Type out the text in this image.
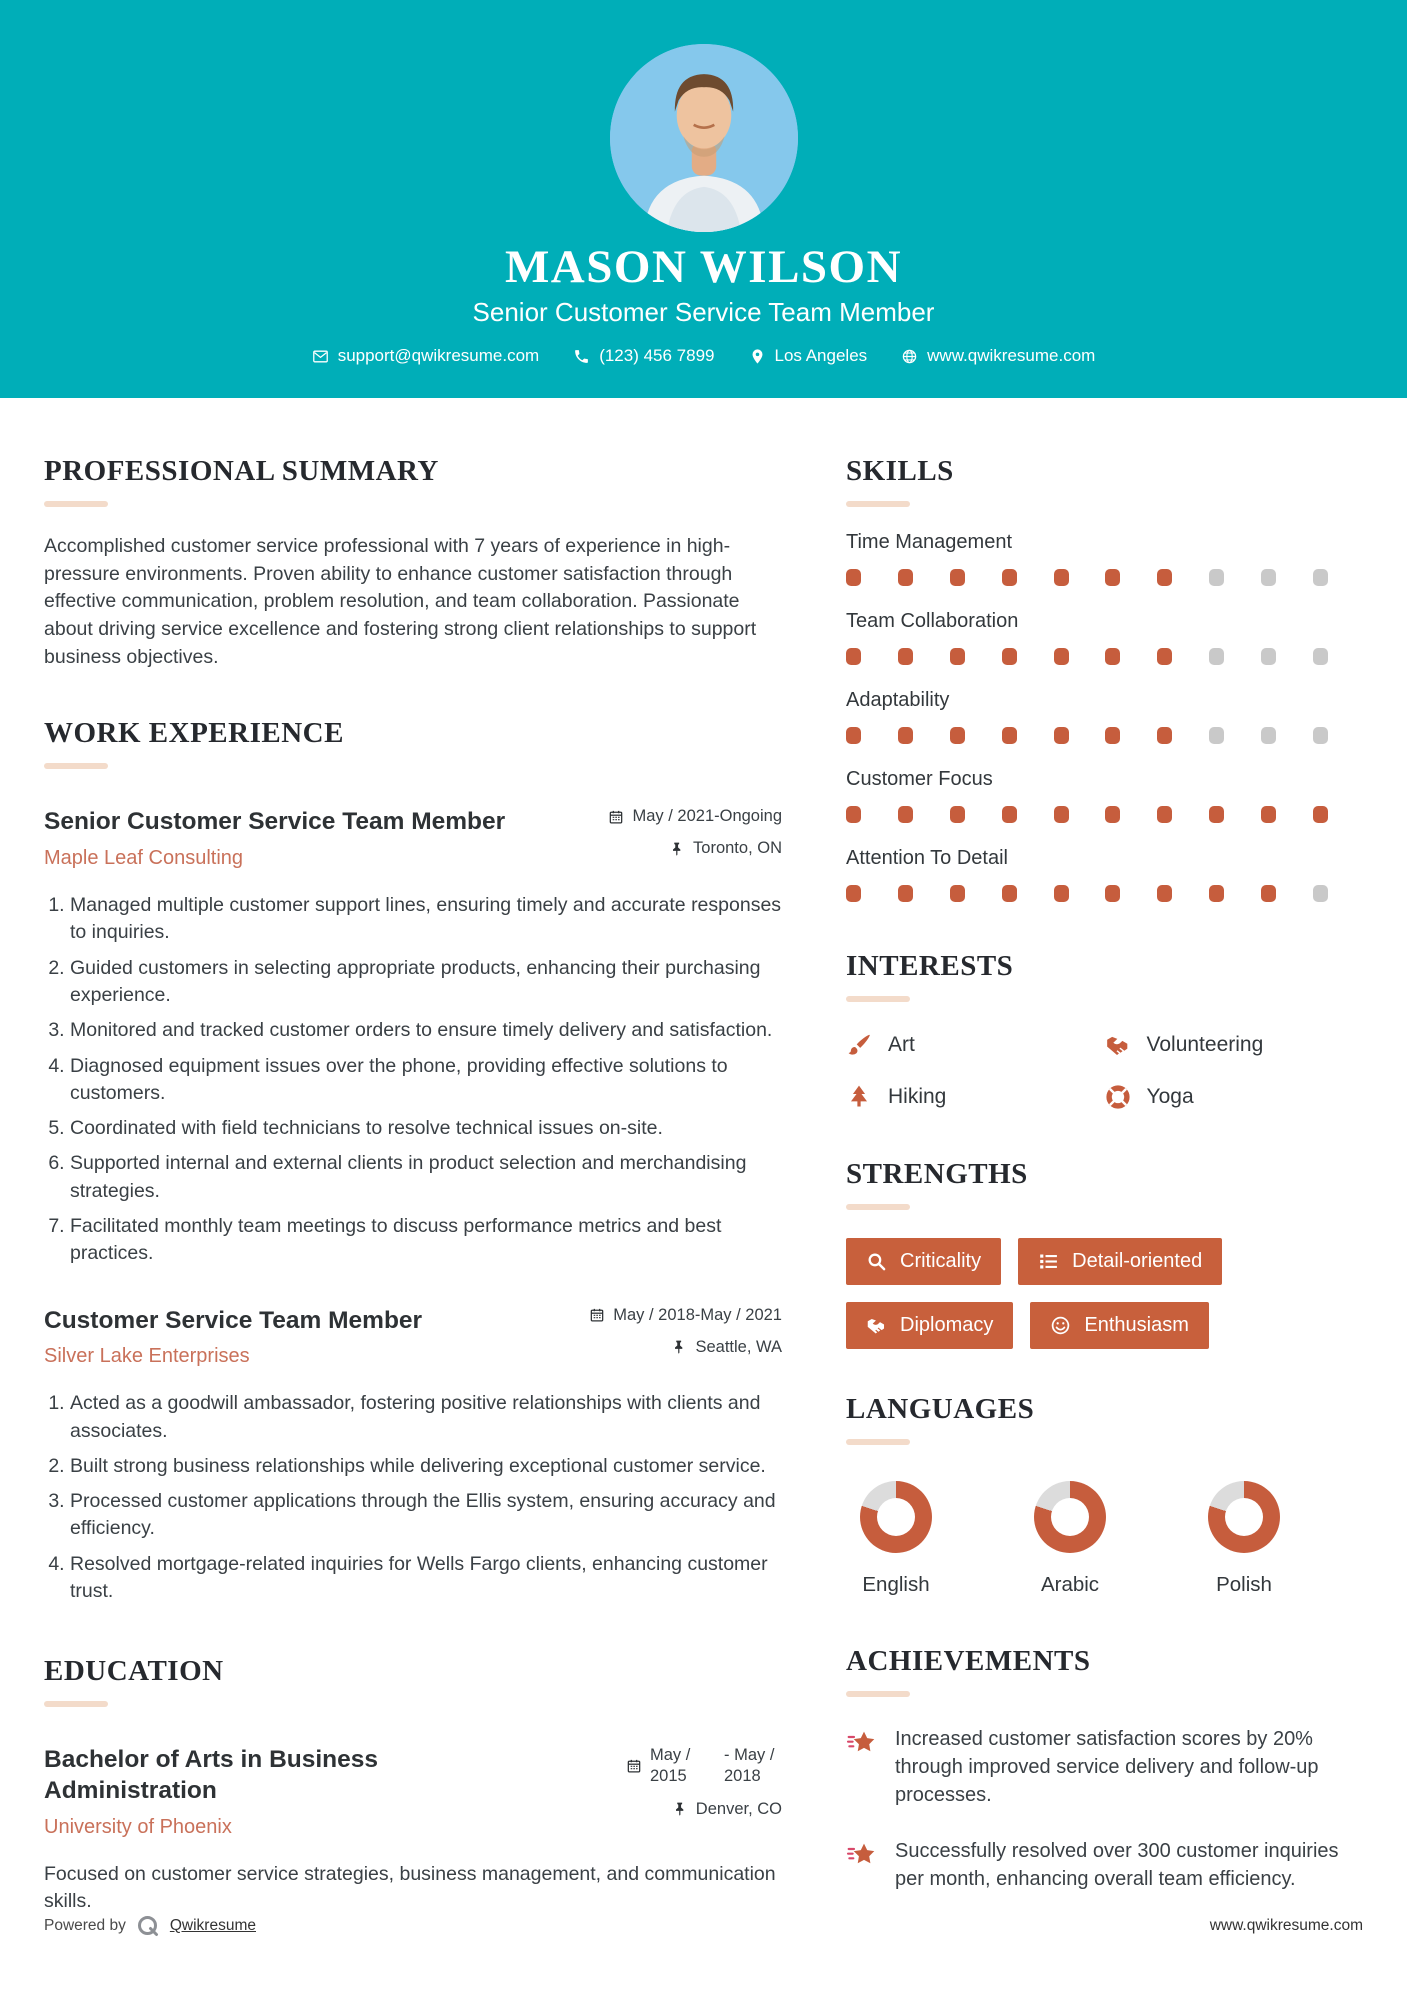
MASON WILSON
Senior Customer Service Team Member
support@qwikresume.com	(123) 456 7899	Los Angeles	www.qwikresume.com
PROFESSIONAL SUMMARY

Accomplished customer service professional with 7 years of experience in high-pressure environments. Proven ability to enhance customer satisfaction through effective communication, problem resolution, and team collaboration. Passionate about driving service excellence and fostering strong client relationships to support business objectives.

WORK EXPERIENCE
Senior Customer Service Team Member
Maple Leaf Consulting
May / 2021-Ongoing
Toronto, ON
1. Managed multiple customer support lines, ensuring timely and accurate responses to inquiries.
2. Guided customers in selecting appropriate products, enhancing their purchasing experience.
3. Monitored and tracked customer orders to ensure timely delivery and satisfaction.
4. Diagnosed equipment issues over the phone, providing effective solutions to customers.
5. Coordinated with field technicians to resolve technical issues on-site.
6. Supported internal and external clients in product selection and merchandising strategies.
7. Facilitated monthly team meetings to discuss performance metrics and best practices.
Customer Service Team Member
Silver Lake Enterprises
May / 2018-May / 2021
Seattle, WA
1. Acted as a goodwill ambassador, fostering positive relationships with clients and associates.
2. Built strong business relationships while delivering exceptional customer service.
3. Processed customer applications through the Ellis system, ensuring accuracy and efficiency.
4. Resolved mortgage-related inquiries for Wells Fargo clients, enhancing customer trust.
EDUCATION
Bachelor of Arts in Business Administration
University of Phoenix
May / 2015
- May / 2018
Denver, CO

Focused on customer service strategies, business management, and communication skills.

SKILLS
Time Management
Team Collaboration
Adaptability
Customer Focus
Attention To Detail
INTERESTS
Art	Volunteering
Hiking	Yoga
STRENGTHS
Criticality	Detail-oriented
Diplomacy	Enthusiasm
LANGUAGES
English	Arabic	Polish
ACHIEVEMENTS
Increased customer satisfaction scores by 20% through improved service delivery and follow-up processes.
Successfully resolved over 300 customer inquiries per month, enhancing overall team efficiency.
Powered by	Qwikresume	www.qwikresume.com
